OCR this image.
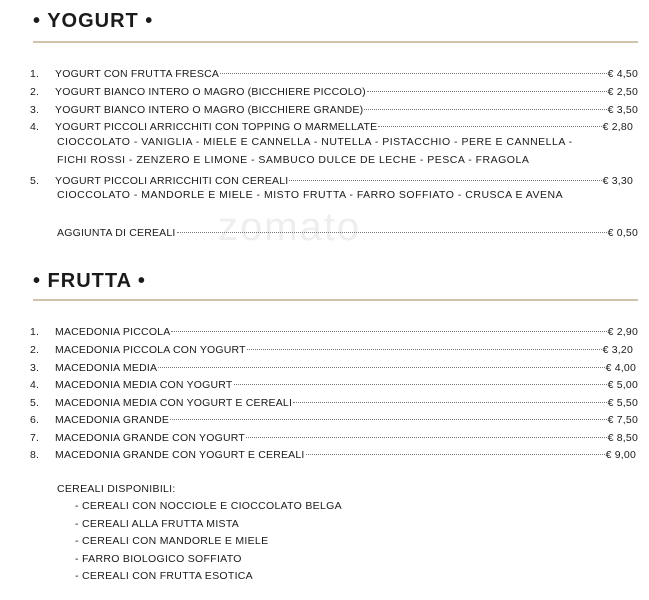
zomato
• YOGURT •
1.	YOGURT CON FRUTTA FRESCA	€ 4,50
2.	YOGURT BIANCO INTERO O MAGRO (BICCHIERE PICCOLO)	€ 2,50
3.	YOGURT BIANCO INTERO O MAGRO (BICCHIERE GRANDE)	€ 3,50
4.	YOGURT PICCOLI ARRICCHITI CON TOPPING O MARMELLATE	€ 2,80
CIOCCOLATO - VANIGLIA - MIELE E CANNELLA - NUTELLA - PISTACCHIO - PERE E CANNELLA -
FICHI ROSSI - ZENZERO E LIMONE - SAMBUCO DULCE DE LECHE - PESCA - FRAGOLA
5.	YOGURT PICCOLI ARRICCHITI CON CEREALI	€ 3,30
CIOCCOLATO - MANDORLE E MIELE - MISTO FRUTTA - FARRO SOFFIATO - CRUSCA E AVENA
AGGIUNTA DI CEREALI	€ 0,50
• FRUTTA •
1.	MACEDONIA PICCOLA	€ 2,90
2.	MACEDONIA PICCOLA CON YOGURT	€ 3,20
3.	MACEDONIA MEDIA	€ 4,00
4.	MACEDONIA MEDIA CON YOGURT	€ 5,00
5.	MACEDONIA MEDIA CON YOGURT E CEREALI	€ 5,50
6.	MACEDONIA GRANDE	€ 7,50
7.	MACEDONIA GRANDE CON YOGURT	€ 8,50
8.	MACEDONIA GRANDE CON YOGURT E CEREALI	€ 9,00
CEREALI DISPONIBILI:
- CEREALI CON NOCCIOLE E CIOCCOLATO BELGA
- CEREALI ALLA FRUTTA MISTA
- CEREALI CON MANDORLE E MIELE
- FARRO BIOLOGICO SOFFIATO
- CEREALI CON FRUTTA ESOTICA
